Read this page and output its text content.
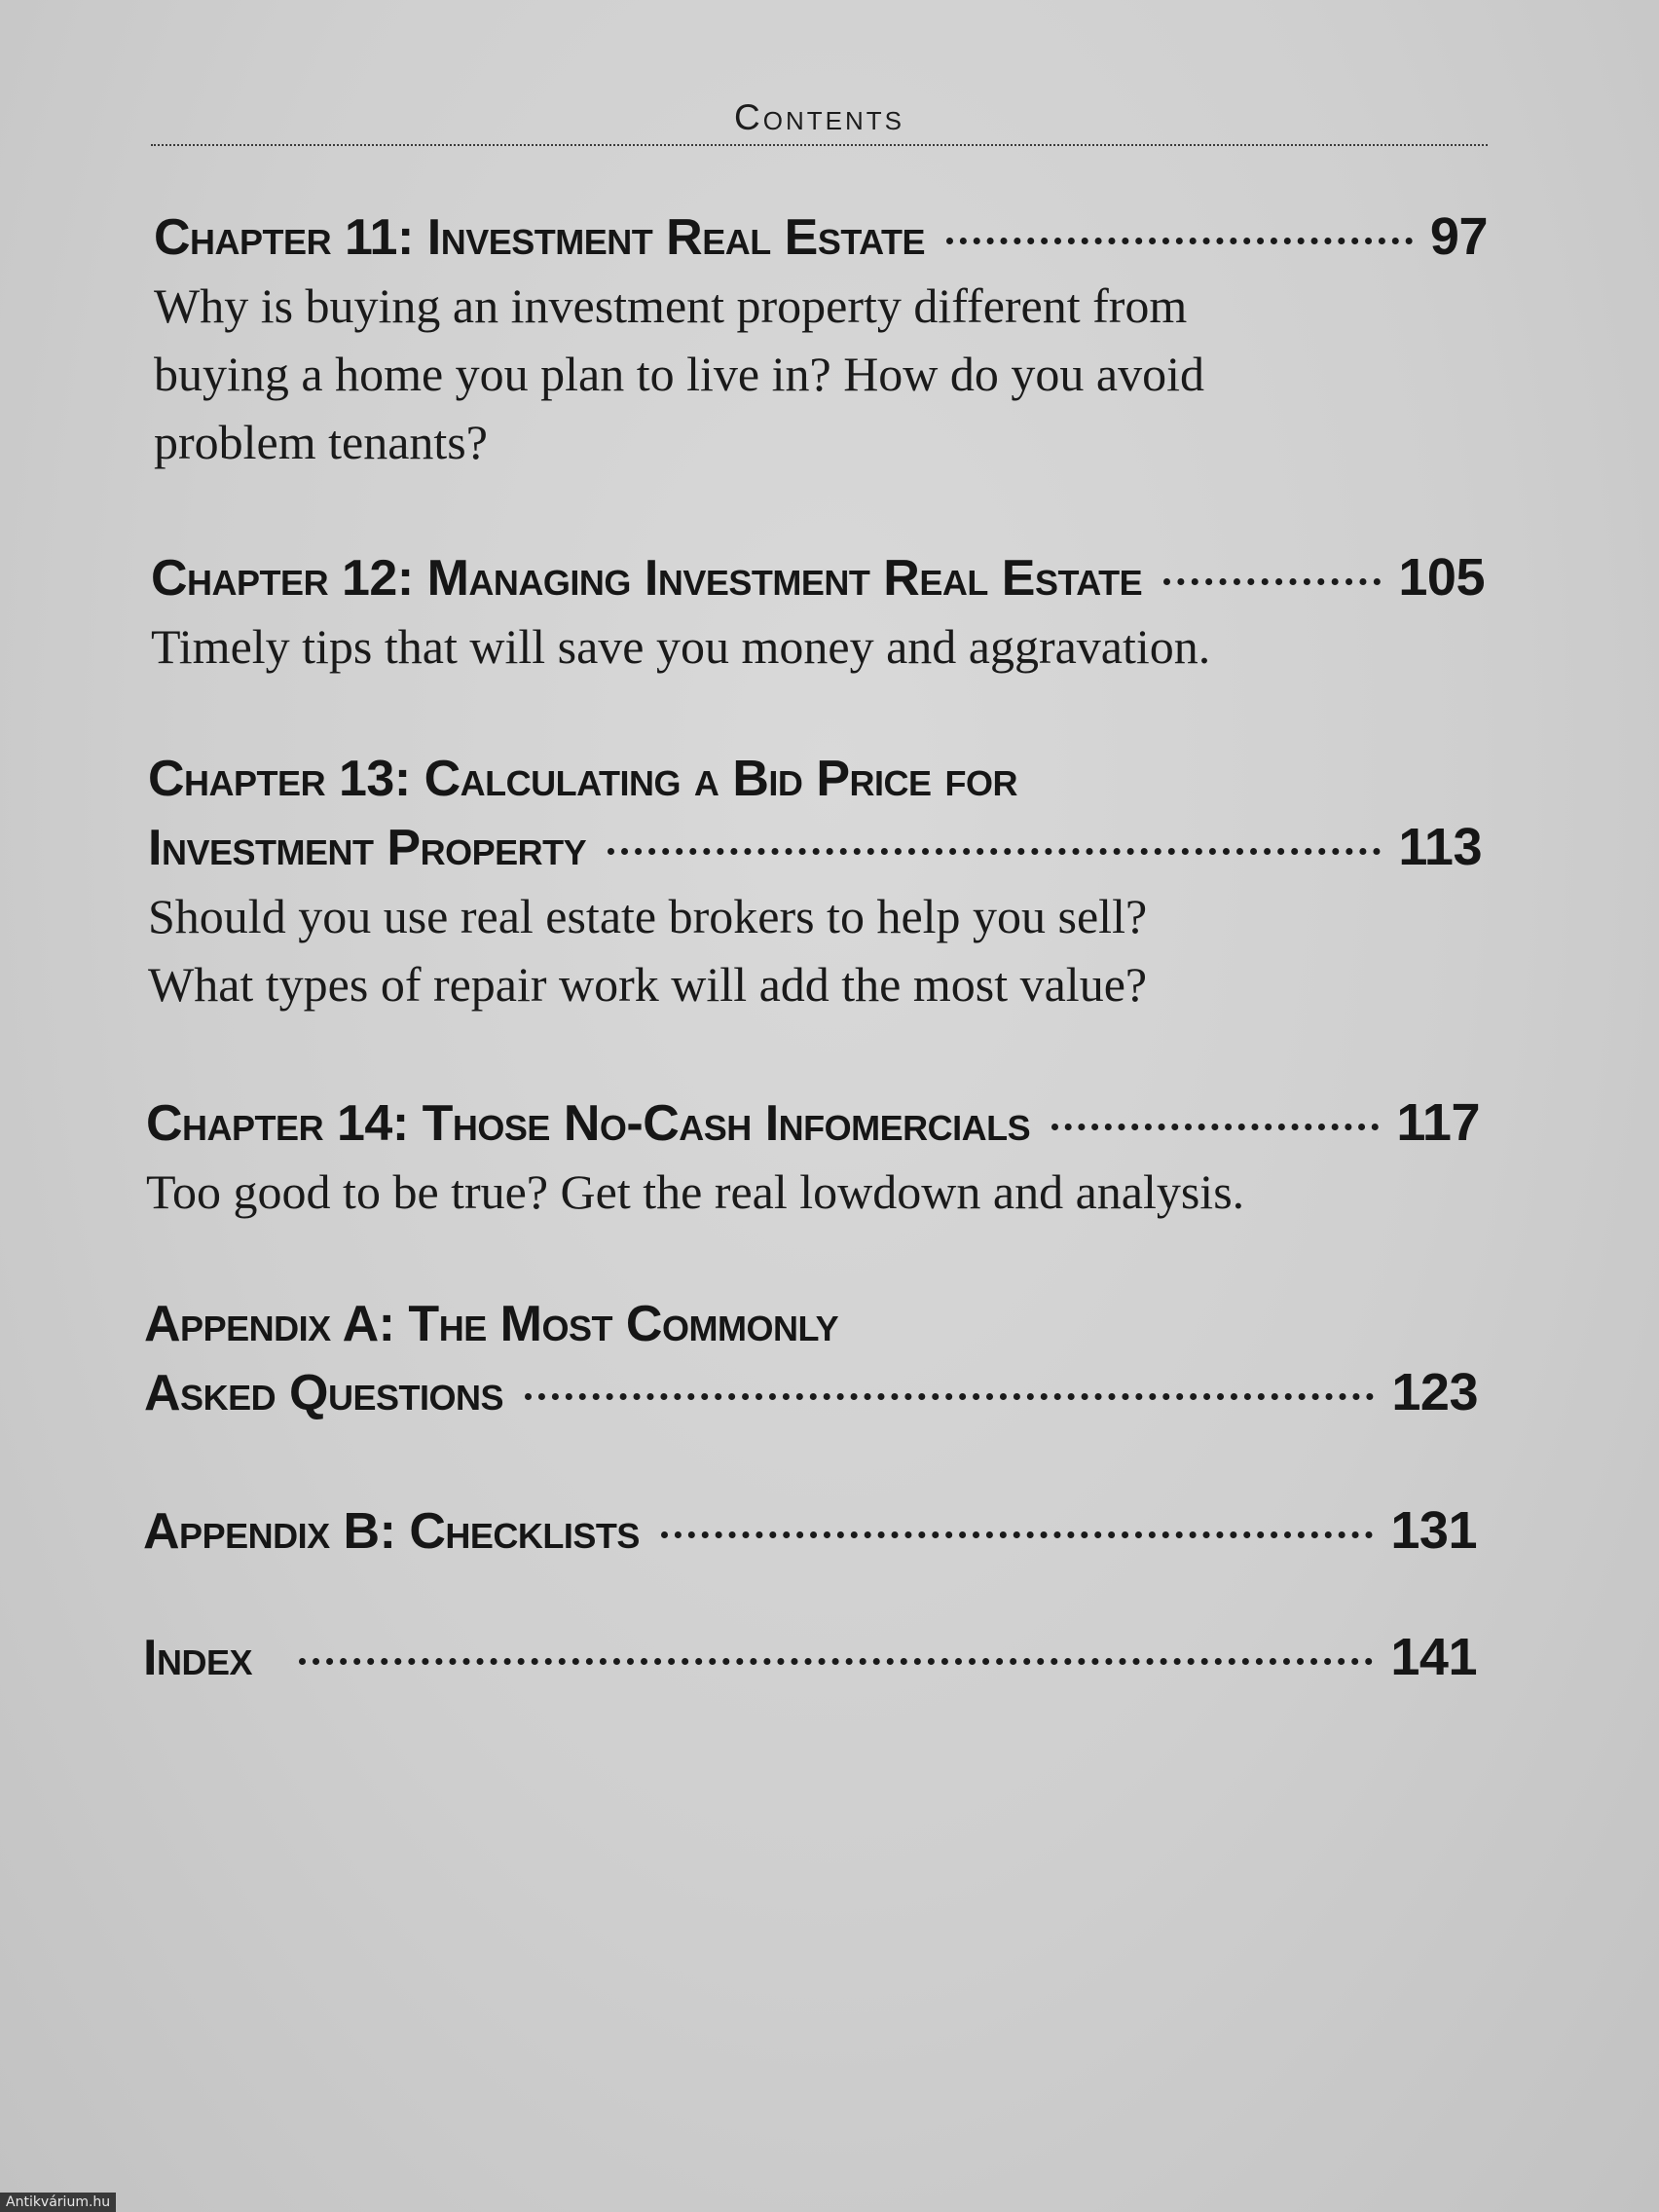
Contents
Chapter 11: Investment Real Estate	97
Why is buying an investment property different from
buying a home you plan to live in? How do you avoid
problem tenants?
Chapter 12: Managing Investment Real Estate	105
Timely tips that will save you money and aggravation.
Chapter 13: Calculating a Bid Price for
Investment Property	113
Should you use real estate brokers to help you sell?
What types of repair work will add the most value?
Chapter 14: Those No-Cash Infomercials	117
Too good to be true? Get the real lowdown and analysis.
Appendix A: The Most Commonly
Asked Questions	123
Appendix B: Checklists	131
Index	141
Antikvárium.hu
